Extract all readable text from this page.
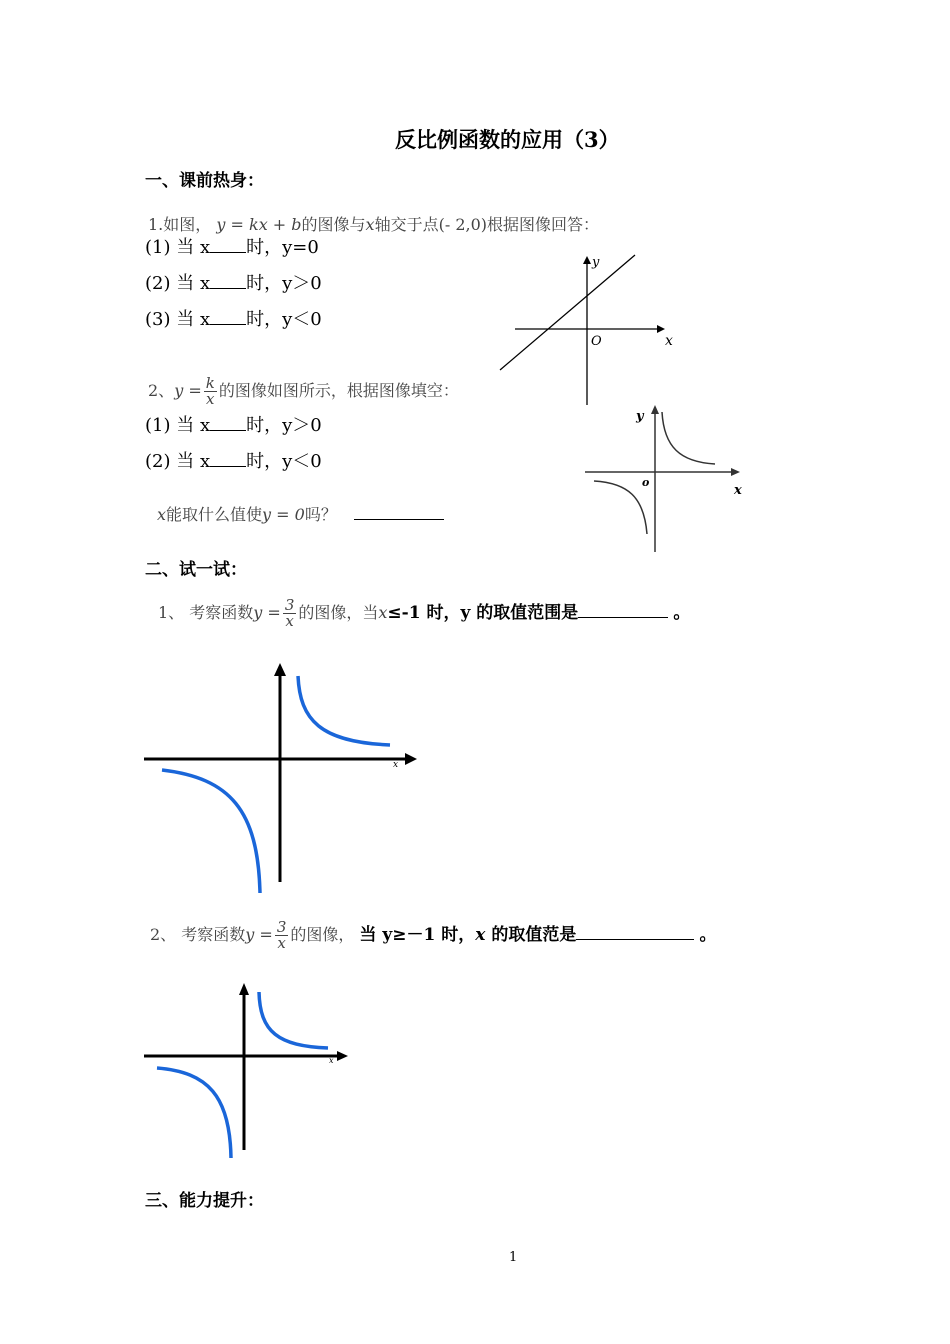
反比例函数的应用（3）
一、课前热身：
1.如图， y = kx + b的图像与x轴交于点(- 2,0)根据图像回答：
(1) 当 x 时，y=0
(2) 当 x 时，y＞0
(3) 当 x 时，y＜0
y
x
O
2、$y = \frac{k}{x}$ 的图像如图所示，根据图像填空：
(1) 当 x 时，y＞0
(2) 当 x 时，y＜0
x能取什么值使y = 0吗？
y
x
o
二、试一试：
1、 考察函数$y = \frac{3}{x}$ 的图像，当x≤-1 时，y 的取值范围是	。
x
2、 考察函数$y = \frac{3}{x}$ 的图像， 当 y≥－1 时，x 的取值范是	。
x
三、能力提升：
1
